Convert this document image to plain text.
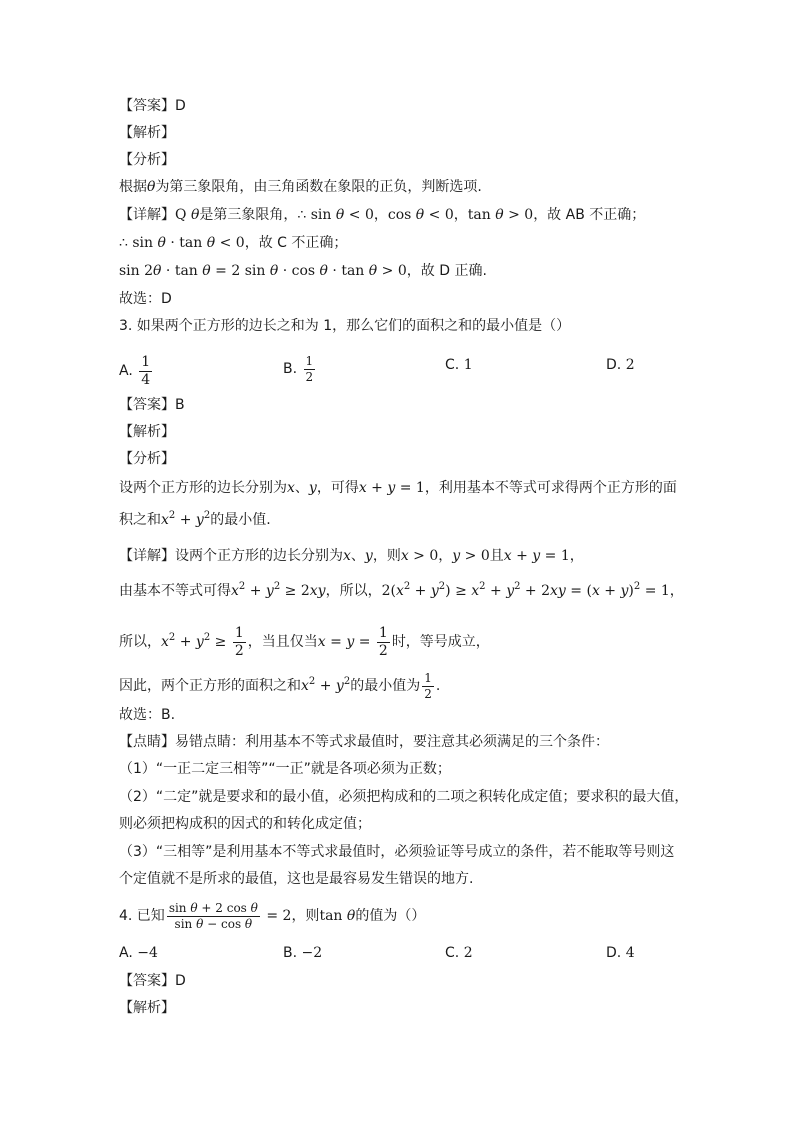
【答案】D
【解析】
【分析】
根据θ为第三象限角，由三角函数在象限的正负，判断选项.
【详解】Q θ是第三象限角，∴ sin θ < 0，cos θ < 0，tan θ > 0，故 AB 不正确；
∴ sin θ · tan θ < 0，故 C 不正确；
sin 2θ · tan θ = 2 sin θ · cos θ · tan θ > 0，故 D 正确.
故选：D
3. 如果两个正方形的边长之和为 1，那么它们的面积之和的最小值是（）
A. $\frac{1}{4}$	B. $\frac{1}{2}$	C. 1	D. 2
【答案】B
【解析】
【分析】
设两个正方形的边长分别为x、y，可得x + y = 1，利用基本不等式可求得两个正方形的面
积之和$x^2 + y^2$的最小值.
【详解】设两个正方形的边长分别为x、y，则x > 0，y > 0且x + y = 1，
由基本不等式可得$x^2 + y^2 \ge 2xy$，所以，$2(x^2 + y^2) \ge x^2 + y^2 + 2xy = (x + y)^2 = 1$，
所以，$x^2 + y^2 \ge \frac{1}{2}$ ，当且仅当$x = y = \frac{1}{2}$ 时，等号成立，
因此，两个正方形的面积之和$x^2 + y^2$的最小值为 $\frac{1}{2}$ .
故选：B.
【点睛】易错点睛：利用基本不等式求最值时，要注意其必须满足的三个条件：
（1）“一正二定三相等”“一正”就是各项必须为正数；
（2）“二定”就是要求和的最小值，必须把构成和的二项之积转化成定值；要求积的最大值，
则必须把构成积的因式的和转化成定值；
（3）“三相等”是利用基本不等式求最值时，必须验证等号成立的条件，若不能取等号则这
个定值就不是所求的最值，这也是最容易发生错误的地方.
4. 已知 $\frac{\text{sin θ + 2 cos θ}}{\text{sin θ − cos θ}} = 2$，则tan θ的值为（）
A. −4	B. −2	C. 2	D. 4
【答案】D
【解析】
